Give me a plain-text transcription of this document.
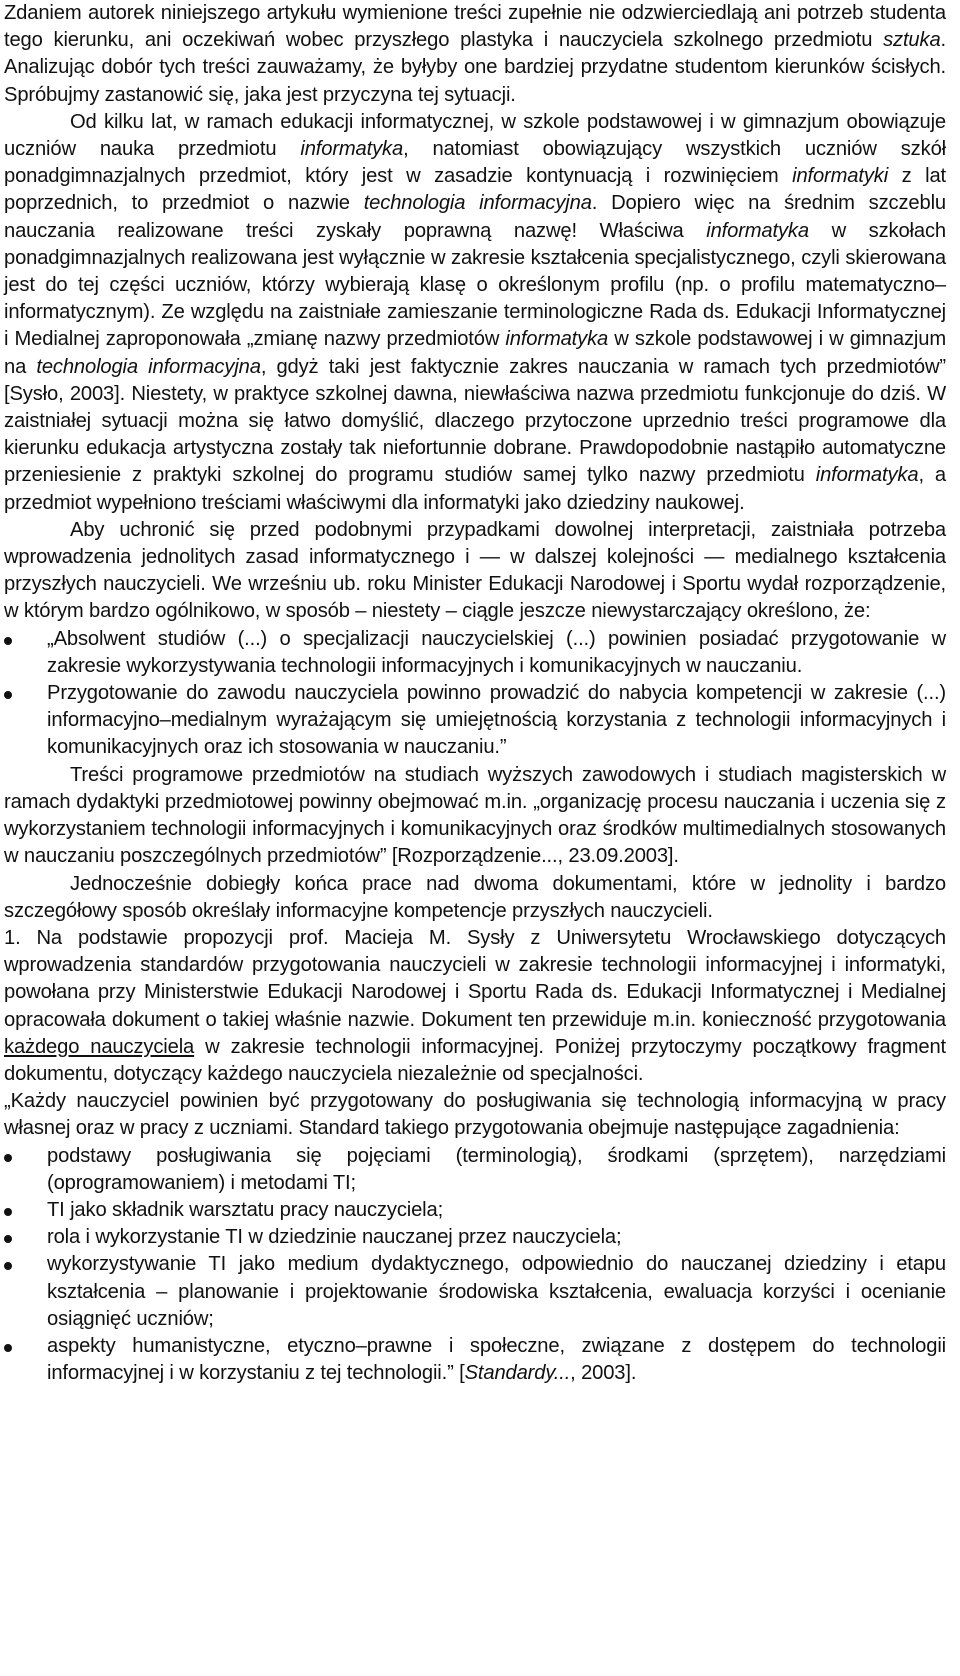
Zdaniem autorek niniejszego artykułu wymienione treści zupełnie nie odzwierciedlają ani potrzeb studenta tego kierunku, ani oczekiwań wobec przyszłego plastyka i nauczyciela szkolnego przedmiotu sztuka. Analizując dobór tych treści zauważamy, że byłyby one bardziej przydatne studentom kierunków ścisłych. Spróbujmy zastanowić się, jaka jest przyczyna tej sytuacji.

Od kilku lat, w ramach edukacji informatycznej, w szkole podstawowej i w gimnazjum obowiązuje uczniów nauka przedmiotu informatyka, natomiast obowiązujący wszystkich uczniów szkół ponadgimnazjalnych przedmiot, który jest w zasadzie kontynuacją i rozwinięciem informatyki z lat poprzednich, to przedmiot o nazwie technologia informacyjna. Dopiero więc na średnim szczeblu nauczania realizowane treści zyskały poprawną nazwę! Właściwa informatyka w szkołach ponadgimnazjalnych realizowana jest wyłącznie w zakresie kształcenia specjalistycznego, czyli skierowana jest do tej części uczniów, którzy wybierają klasę o określonym profilu (np. o profilu matematyczno–informatycznym). Ze względu na zaistniałe zamieszanie terminologiczne Rada ds. Edukacji Informatycznej i Medialnej zaproponowała „zmianę nazwy przedmiotów informatyka w szkole podstawowej i w gimnazjum na technologia informacyjna, gdyż taki jest faktycznie zakres nauczania w ramach tych przedmiotów” [Sysło, 2003]. Niestety, w praktyce szkolnej dawna, niewłaściwa nazwa przedmiotu funkcjonuje do dziś. W zaistniałej sytuacji można się łatwo domyślić, dlaczego przytoczone uprzednio treści programowe dla kierunku edukacja artystyczna zostały tak niefortunnie dobrane. Prawdopodobnie nastąpiło automatyczne przeniesienie z praktyki szkolnej do programu studiów samej tylko nazwy przedmiotu informatyka, a przedmiot wypełniono treściami właściwymi dla informatyki jako dziedziny naukowej.

Aby uchronić się przed podobnymi przypadkami dowolnej interpretacji, zaistniała potrzeba wprowadzenia jednolitych zasad informatycznego i — w dalszej kolejności — medialnego kształcenia przyszłych nauczycieli. We wrześniu ub. roku Minister Edukacji Narodowej i Sportu wydał rozporządzenie, w którym bardzo ogólnikowo, w sposób – niestety – ciągle jeszcze niewystarczający określono, że:

„Absolwent studiów (...) o specjalizacji nauczycielskiej (...) powinien posiadać przygotowanie w zakresie wykorzystywania technologii informacyjnych i komunikacyjnych w nauczaniu.
Przygotowanie do zawodu nauczyciela powinno prowadzić do nabycia kompetencji w zakresie (...) informacyjno–medialnym wyrażającym się umiejętnością korzystania z technologii informacyjnych i komunikacyjnych oraz ich stosowania w nauczaniu.”

Treści programowe przedmiotów na studiach wyższych zawodowych i studiach magisterskich w ramach dydaktyki przedmiotowej powinny obejmować m.in. „organizację procesu nauczania i uczenia się z wykorzystaniem technologii informacyjnych i komunikacyjnych oraz środków multimedialnych stosowanych w nauczaniu poszczególnych przedmiotów” [Rozporządzenie..., 23.09.2003].

Jednocześnie dobiegły końca prace nad dwoma dokumentami, które w jednolity i bardzo szczegółowy sposób określały informacyjne kompetencje przyszłych nauczycieli.

1. Na podstawie propozycji prof. Macieja M. Sysły z Uniwersytetu Wrocławskiego dotyczących wprowadzenia standardów przygotowania nauczycieli w zakresie technologii informacyjnej i informatyki, powołana przy Ministerstwie Edukacji Narodowej i Sportu Rada ds. Edukacji Informatycznej i Medialnej opracowała dokument o takiej właśnie nazwie. Dokument ten przewiduje m.in. konieczność przygotowania każdego nauczyciela w zakresie technologii informacyjnej. Poniżej przytoczymy początkowy fragment dokumentu, dotyczący każdego nauczyciela niezależnie od specjalności.

„Każdy nauczyciel powinien być przygotowany do posługiwania się technologią informacyjną w pracy własnej oraz w pracy z uczniami. Standard takiego przygotowania obejmuje następujące zagadnienia:

podstawy posługiwania się pojęciami (terminologią), środkami (sprzętem), narzędziami (oprogramowaniem) i metodami TI;
TI jako składnik warsztatu pracy nauczyciela;
rola i wykorzystanie TI w dziedzinie nauczanej przez nauczyciela;
wykorzystywanie TI jako medium dydaktycznego, odpowiednio do nauczanej dziedziny i etapu kształcenia – planowanie i projektowanie środowiska kształcenia, ewaluacja korzyści i ocenianie osiągnięć uczniów;
aspekty humanistyczne, etyczno–prawne i społeczne, związane z dostępem do technologii informacyjnej i w korzystaniu z tej technologii.” [Standardy..., 2003].
